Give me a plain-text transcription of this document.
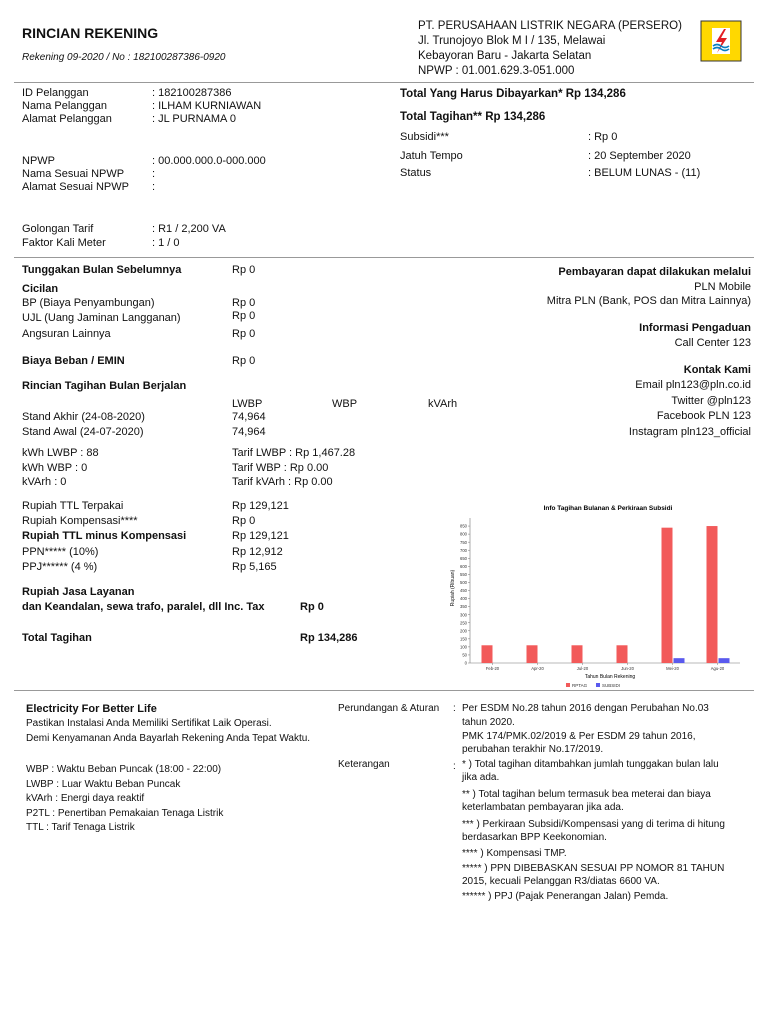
RINCIAN REKENING
Rekening 09-2020 / No : 182100287386-0920
PT. PERUSAHAAN LISTRIK NEGARA (PERSERO)
Jl. Trunojoyo Blok M I / 135, Melawai
Kebayoran Baru - Jakarta Selatan
NPWP : 01.001.629.3-051.000
ID Pelanggan	: 182100287386
Nama Pelanggan	: ILHAM KURNIAWAN
Alamat Pelanggan	: JL PURNAMA 0
NPWP	: 00.000.000.0-000.000
Nama Sesuai NPWP	:
Alamat Sesuai NPWP :
Golongan Tarif	: R1 / 2,200 VA
Faktor Kali Meter	: 1 / 0
Total Yang Harus Dibayarkan* Rp 134,286
Total Tagihan** Rp 134,286
Subsidi***	: Rp 0
Jatuh Tempo	: 20 September 2020
Status	: BELUM LUNAS - (11)
Tunggakan Bulan Sebelumnya	Rp 0
Cicilan
BP (Biaya Penyambungan)	Rp 0
UJL (Uang Jaminan Langganan)	Rp 0
Angsuran Lainnya	Rp 0
Biaya Beban / EMIN	Rp 0
Rincian Tagihan Bulan Berjalan
LWBP	WBP	kVArh
Stand Akhir (24-08-2020)	74,964
Stand Awal (24-07-2020)	74,964
kWh LWBP : 88	Tarif LWBP : Rp 1,467.28
kWh WBP : 0	Tarif WBP : Rp 0.00
kVArh : 0	Tarif kVArh : Rp 0.00
Rupiah TTL Terpakai	Rp 129,121
Rupiah Kompensasi****	Rp 0
Rupiah TTL minus Kompensasi	Rp 129,121
PPN***** (10%)	Rp 12,912
PPJ****** (4 %)	Rp 5,165
Rupiah Jasa Layanan
dan Keandalan, sewa trafo, paralel, dll Inc. Tax	Rp 0
Total Tagihan	Rp 134,286
Pembayaran dapat dilakukan melalui
PLN Mobile
Mitra PLN (Bank, POS dan Mitra Lainnya)
Informasi Pengaduan
Call Center 123
Kontak Kami
Email pln123@pln.co.id
Twitter @pln123
Facebook PLN 123
Instagram pln123_official
Info Tagihan Bulanan & Perkiraan Subsidi
Rupiah (Ribuan)
Tahun Bulan Rekening
0
50
100
150
200
250
300
350
400
450
500
550
600
650
700
750
800
850
Feb-20	Apr-20	Jul-20	Jun-20	Mei-20	Agu-20
RPTAG	SUBSIDI
Electricity For Better Life
Pastikan Instalasi Anda Memiliki Sertifikat Laik Operasi.
Demi Kenyamanan Anda Bayarlah Rekening Anda Tepat Waktu.
WBP : Waktu Beban Puncak (18:00 - 22:00)
LWBP : Luar Waktu Beban Puncak
kVArh : Energi daya reaktif
P2TL : Penertiban Pemakaian Tenaga Listrik
TTL : Tarif Tenaga Listrik
Perundangan & Aturan : Per ESDM No.28 tahun 2016 dengan Perubahan No.03
tahun 2020.
PMK 174/PMK.02/2019 & Per ESDM 29 tahun 2016,
perubahan terakhir No.17/2019.
Keterangan	: * ) Total tagihan ditambahkan jumlah tunggakan bulan lalu
jika ada.
** ) Total tagihan belum termasuk bea meterai dan biaya
keterlambatan pembayaran jika ada.
*** ) Perkiraan Subsidi/Kompensasi yang di terima di hitung
berdasarkan BPP Keekonomian.
**** ) Kompensasi TMP.
***** ) PPN DIBEBASKAN SESUAI PP NOMOR 81 TAHUN
2015, kecuali Pelanggan R3/diatas 6600 VA.
****** ) PPJ (Pajak Penerangan Jalan) Pemda.
